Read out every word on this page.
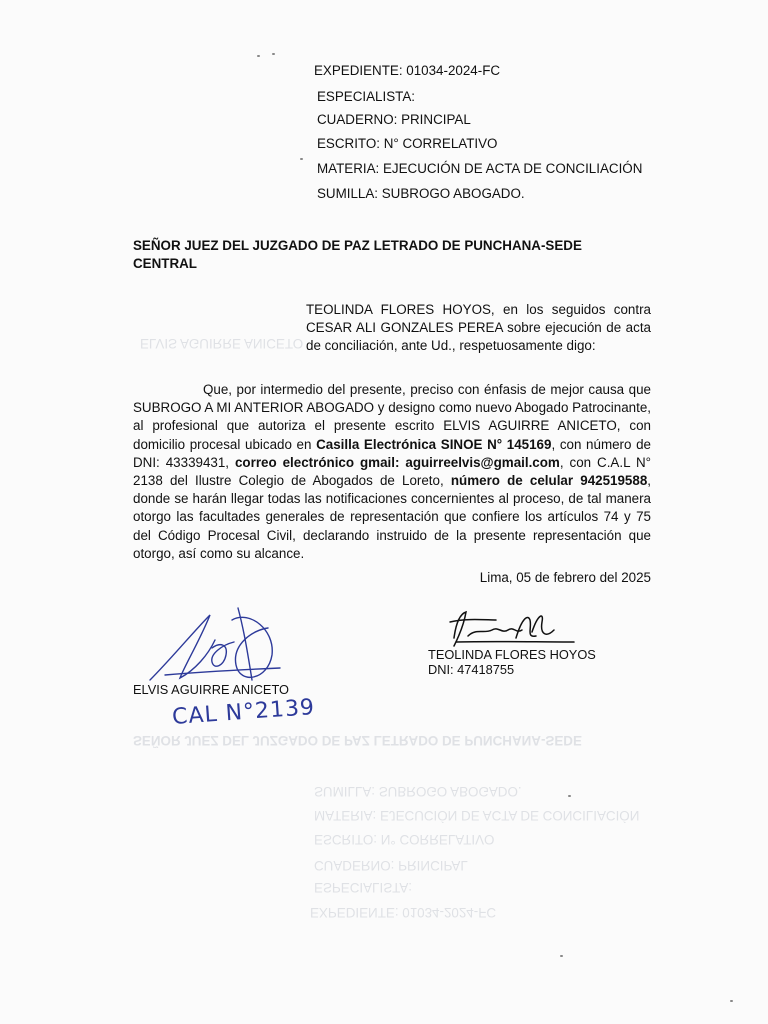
EXPEDIENTE: 01034-2024-FC
ESPECIALISTA:
CUADERNO: PRINCIPAL
ESCRITO: N° CORRELATIVO
MATERIA: EJECUCIÓN DE ACTA DE CONCILIACIÓN
SUMILLA: SUBROGO ABOGADO.
SEÑOR JUEZ DEL JUZGADO DE PAZ LETRADO DE PUNCHANA-SEDE
ELVIS AGUIRRE ANICETO
EXPEDIENTE: 01034-2024-FC
ESPECIALISTA:
CUADERNO: PRINCIPAL
ESCRITO: N° CORRELATIVO
MATERIA: EJECUCIÓN DE ACTA DE CONCILIACIÓN
SUMILLA: SUBROGO ABOGADO.
SEÑOR JUEZ DEL JUZGADO DE PAZ LETRADO DE PUNCHANA-SEDE CENTRAL
TEOLINDA FLORES HOYOS, en los seguidos contra CESAR ALI GONZALES PEREA sobre ejecución de acta de conciliación, ante Ud., respetuosamente digo:

Que, por intermedio del presente, preciso con énfasis de mejor causa que SUBROGO A MI ANTERIOR ABOGADO y designo como nuevo Abogado Patrocinante, al profesional que autoriza el presente escrito ELVIS AGUIRRE ANICETO, con domicilio procesal ubicado en Casilla Electrónica SINOE N° 145169, con número de DNI: 43339431, correo electrónico gmail: aguirreelvis@gmail.com, con C.A.L N° 2138 del Ilustre Colegio de Abogados de Loreto, número de celular 942519588, donde se harán llegar todas las notificaciones concernientes al proceso, de tal manera otorgo las facultades generales de representación que confiere los artículos 74 y 75 del Código Procesal Civil, declarando instruido de la presente representación que otorgo, así como su alcance.

Lima, 05 de febrero del 2025
ELVIS AGUIRRE ANICETO
CAL N°2139
TEOLINDA FLORES HOYOS
DNI: 47418755
